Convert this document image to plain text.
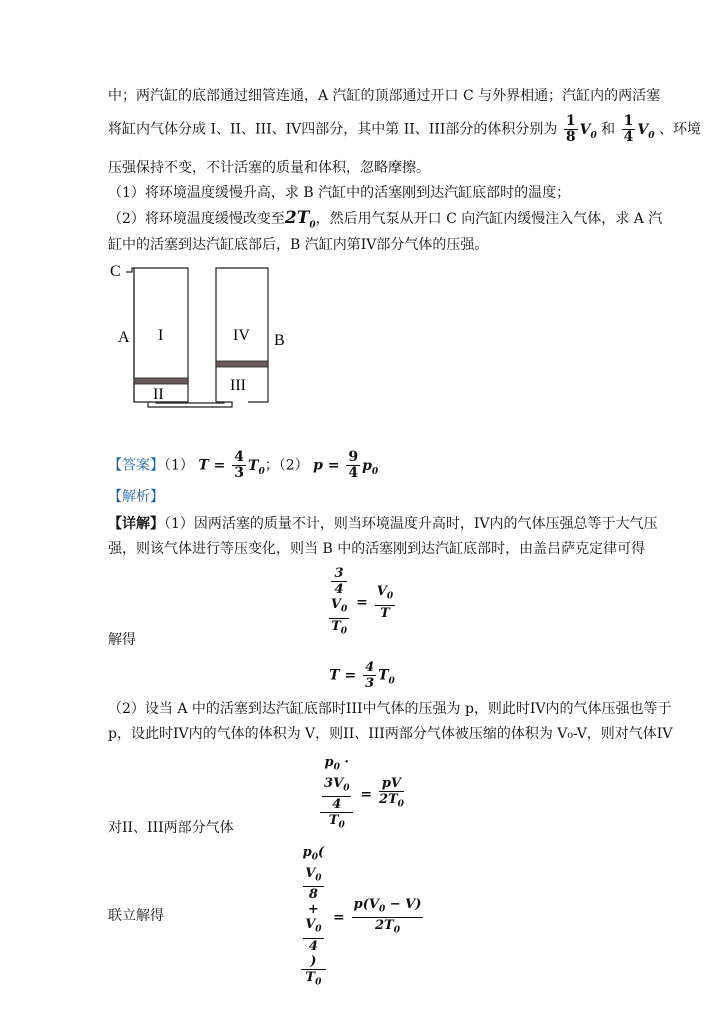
中；两汽缸的底部通过细管连通，A 汽缸的顶部通过开口 C 与外界相通；汽缸内的两活塞
将缸内气体分成 I、II、III、IV四部分，其中第 II、III部分的体积分别为 $\frac{1}{8} V_0$ 和 $\frac{1}{4} V_0$ 、环境
压强保持不变，不计活塞的质量和体积，忽略摩擦。
（1）将环境温度缓慢升高，求 B 汽缸中的活塞刚到达汽缸底部时的温度；
（2）将环境温度缓慢改变至$2T_0$，然后用气泵从开口 C 向汽缸内缓慢注入气体，求 A 汽
缸中的活塞到达汽缸底部后，B 汽缸内第IV部分气体的压强。
C
A I
II
III
IV B
【答案】（1） $T = \frac{4}{3} T_0$；（2） $p = \frac{9}{4} p_0$
【解析】
【详解】（1）因两活塞的质量不计，则当环境温度升高时，IV内的气体压强总等于大气压
强，则该气体进行等压变化，则当 B 中的活塞刚到达汽缸底部时，由盖吕萨克定律可得
3
4
$V_0$
$T_0 = \frac{V_0}{T}$
解得
$T = \frac{4}{3} T_0$
（2）设当 A 中的活塞到达汽缸底部时III中气体的压强为 p，则此时IV内的气体压强也等于
p，设此时IV内的气体的体积为 V，则II、III两部分气体被压缩的体积为 V₀-V，则对气体IV
$p_0$ ·
$3V_0$
4
$T_0 = \frac{pV}{2T_0}$
对II、III两部分气体
$p_0$(
$V_0$
8
+
$V_0$
4
)
$T_0 = \frac{p(V_0 - V)}{2T_0}$
联立解得
